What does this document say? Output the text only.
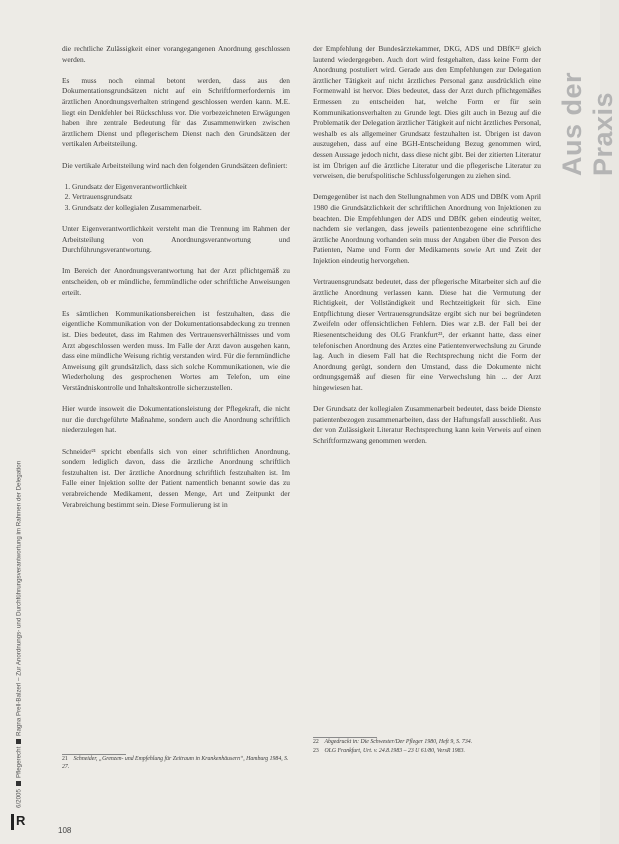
Aus der Praxis

die rechtliche Zulässigkeit einer vorangegangenen Anordnung geschlossen werden.

Es muss noch einmal betont werden, dass aus den Dokumentationsgrundsätzen nicht auf ein Schriftformerfordernis im ärztlichen Anordnungsverhalten stringend geschlossen werden kann. M.E. liegt ein Denkfehler bei Rückschluss vor. Die vorbezeichneten Erwägungen haben ihre zentrale Bedeutung für das Zusammenwirken zwischen ärztlichem Dienst und pflegerischem Dienst nach den Grundsätzen der vertikalen Arbeitsteilung.

Die vertikale Arbeitsteilung wird nach den folgenden Grundsätzen definiert:

1. Grundsatz der Eigenverantwortlichkeit
2. Vertrauensgrundsatz
3. Grundsatz der kollegialen Zusammenarbeit.

Unter Eigenverantwortlichkeit versteht man die Trennung im Rahmen der Arbeitsteilung von Anordnungsverantwortung und Durchführungsverantwortung.

Im Bereich der Anordnungsverantwortung hat der Arzt pflichtgemäß zu entscheiden, ob er mündliche, fernmündliche oder schriftliche Anweisungen erteilt.

Es sämtlichen Kommunikationsbereichen ist festzuhalten, dass die eigentliche Kommunikation von der Dokumentationsabdeckung zu trennen ist. Dies bedeutet, dass im Rahmen des Vertrauensverhältnisses und vom Arzt abgeschlossen werden muss. Im Falle der Arzt davon ausgehen kann, dass eine mündliche Weisung richtig verstanden wird. Für die fernmündliche Anweisung gilt grundsätzlich, dass sich solche Kommunikationen, wie die Wiederholung des gesprochenen Wortes am Telefon, um eine Verständniskontrolle und Inhaltskontrolle sicherzustellen.

Hier wurde insoweit die Dokumentationsleistung der Pflegekraft, die nicht nur die durchgeführte Maßnahme, sondern auch die Anordnung schriftlich niederzulegen hat.

Schneider²¹ spricht ebenfalls sich von einer schriftlichen Anordnung, sondern lediglich davon, dass die ärztliche Anordnung schriftlich festzuhalten ist. Der ärztliche Anordnung schriftlich festzuhalten ist. Im Falle einer Injektion sollte der Patient namentlich benannt sowie das zu verabreichende Medikament, dessen Menge, Art und Zeitpunkt der Verabreichung bestimmt sein. Diese Formulierung ist in

21 Schneider, „Grenzen- und Empfehlung für Zeitraum in Krankenhäusern“, Hamburg 1984, S. 27.

der Empfehlung der Bundesärztekammer, DKG, ADS und DBfK²² gleich lautend wiedergegeben. Auch dort wird festgehalten, dass keine Form der Anordnung postuliert wird. Gerade aus den Empfehlungen zur Delegation ärztlicher Tätigkeit auf nicht ärztliches Personal ganz ausdrücklich eine Formenwahl ist hervor. Dies bedeutet, dass der Arzt durch pflichtgemäßes Ermessen zu entscheiden hat, welche Form er für sein Kommunikationsverhalten zu Grunde legt. Dies gilt auch in Bezug auf die Problematik der Delegation ärztlicher Tätigkeit auf nicht ärztliches Personal, weshalb es als allgemeiner Grundsatz festzuhalten ist. Übrigen ist davon auszugehen, dass auf eine BGH-Entscheidung Bezug genommen wird, dessen Aussage jedoch nicht, dass diese nicht gibt. Bei der zitierten Literatur ist im Übrigen auf die ärztliche Literatur und die pflegerische Literatur zu verweisen, die berufspolitische Schlussfolgerungen zu ziehen sind.

Demgegenüber ist nach den Stellungnahmen von ADS und DBfK vom April 1980 die Grundsätzlichkeit der schriftlichen Anordnung von Injektionen zu beachten. Die Empfehlungen der ADS und DBfK gehen eindeutig weiter, nachdem sie verlangen, dass jeweils patientenbezogene eine schriftliche ärztliche Anordnung vorhanden sein muss der Angaben über die Person des Patienten, Name und Form der Medikaments sowie Art und Zeit der Injektion eindeutig hervorgehen.

Vertrauensgrundsatz bedeutet, dass der pflegerische Mitarbeiter sich auf die ärztliche Anordnung verlassen kann. Diese hat die Vermutung der Richtigkeit, der Vollständigkeit und Rechtzeitigkeit für sich. Eine Entpflichtung dieser Vertrauensgrundsätze ergibt sich nur bei begründeten Zweifeln oder offensichtlichen Fehlern. Dies war z.B. der Fall bei der Riesenentscheidung des OLG Frankfurt²³, der erkannt hatte, dass einer telefonischen Anordnung des Arztes eine Patientenverwechslung zu Grunde lag. Auch in diesem Fall hat die Rechtsprechung nicht die Form der Anordnung gerügt, sondern den Umstand, dass die Dokumente nicht ordnungsgemäß auf diesen für eine Verwechslung hin ... der Arzt hingewiesen hat.

Der Grundsatz der kollegialen Zusammenarbeit bedeutet, dass beide Dienste patientenbezogen zusammenarbeiten, dass der Haftungsfall ausschließt. Aus der von Zulässigkeit Literatur Rechtsprechung kann kein Verweis auf einen Schriftformzwang genommen werden.

22 Abgedruckt in: Die Schwester/Der Pfleger 1980, Heft 9, S. 734.
23 OLG Frankfurt, Urt. v. 24.8.1983 – 23 U 61/80, VersR 1983.
6/2005
Pflegerecht
Ragna Prell-Balzerl – Zur Anordnungs- und Durchführungsverantwortung im Rahmen der Delegation
R
108
